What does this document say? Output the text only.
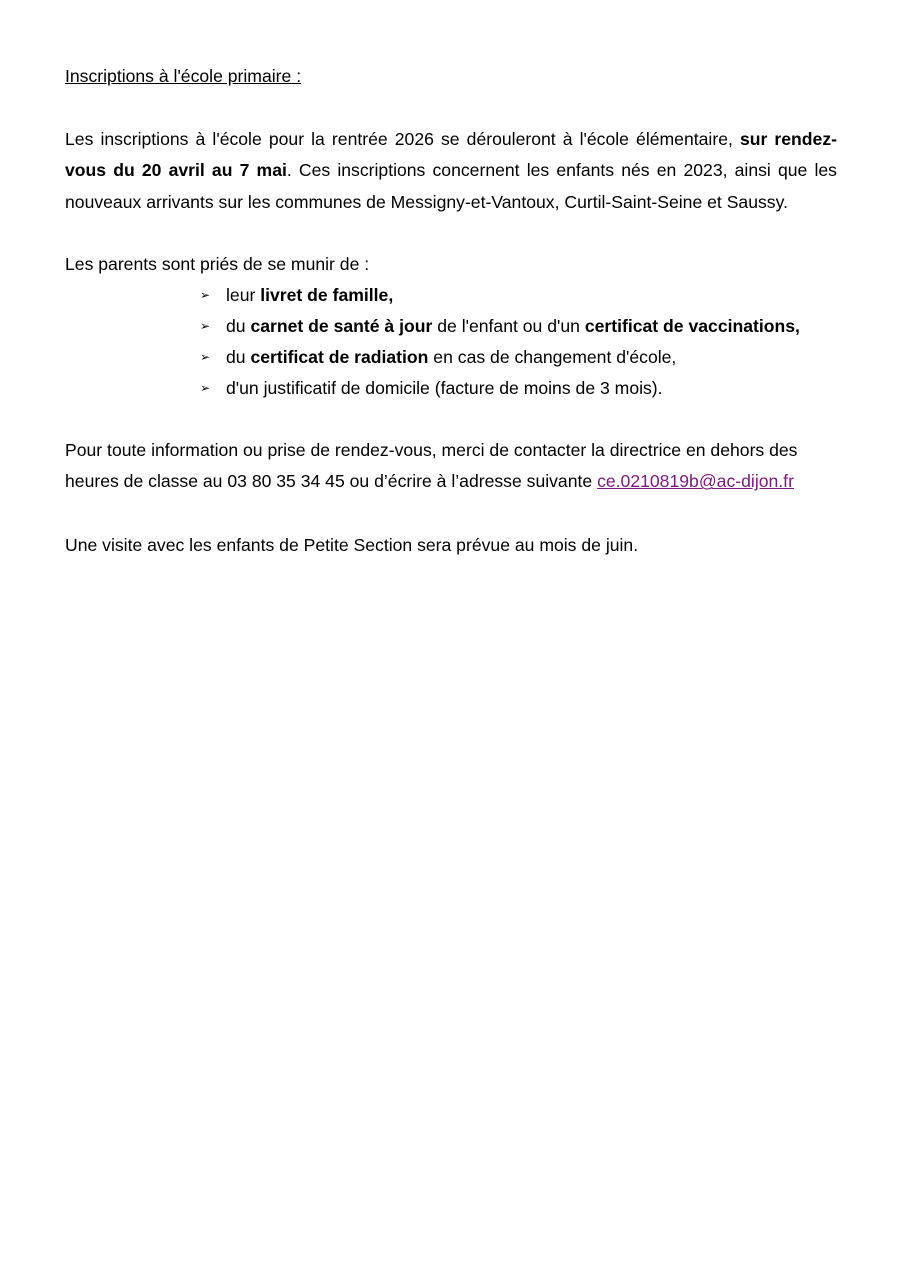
Inscriptions à l'école primaire :

Les inscriptions à l'école pour la rentrée 2026 se dérouleront à l'école élémentaire, sur rendez-vous du 20 avril au 7 mai. Ces inscriptions concernent les enfants nés en 2023, ainsi que les nouveaux arrivants sur les communes de Messigny-et-Vantoux, Curtil-Saint-Seine et Saussy.

Les parents sont priés de se munir de :

➢ leur livret de famille,
➢ du carnet de santé à jour de l'enfant ou d'un certificat de vaccinations,
➢ du certificat de radiation en cas de changement d'école,
➢ d'un justificatif de domicile (facture de moins de 3 mois).

Pour toute information ou prise de rendez-vous, merci de contacter la directrice en dehors des heures de classe au 03 80 35 34 45 ou d’écrire à l’adresse suivante ce.0210819b@ac-dijon.fr

Une visite avec les enfants de Petite Section sera prévue au mois de juin.
